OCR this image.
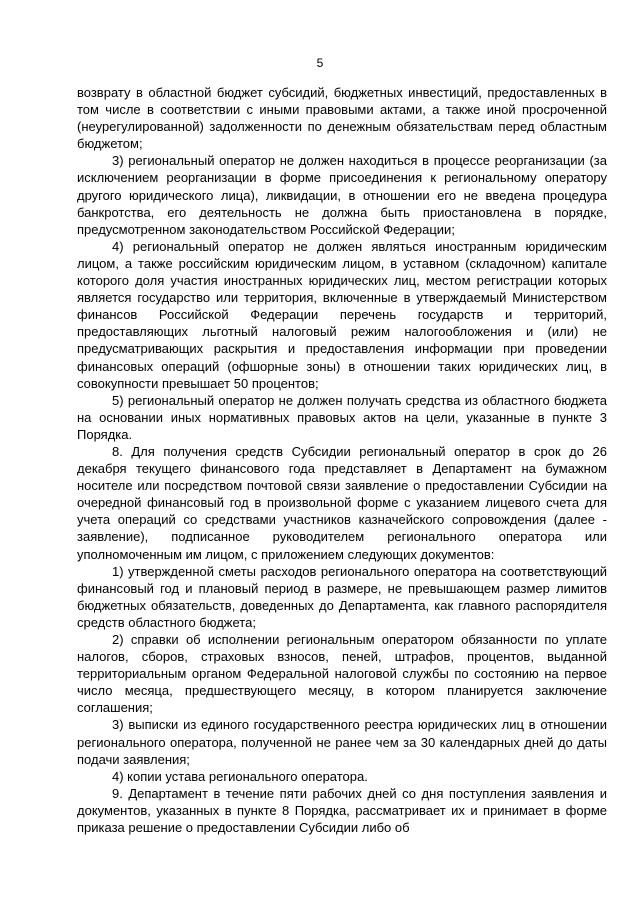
5

возврату в областной бюджет субсидий, бюджетных инвестиций, предоставленных в том числе в соответствии с иными правовыми актами, а также иной просроченной (неурегулированной) задолженности по денежным обязательствам перед областным бюджетом;

3) региональный оператор не должен находиться в процессе реорганизации (за исключением реорганизации в форме присоединения к региональному оператору другого юридического лица), ликвидации, в отношении его не введена процедура банкротства, его деятельность не должна быть приостановлена в порядке, предусмотренном законодательством Российской Федерации;

4) региональный оператор не должен являться иностранным юридическим лицом, а также российским юридическим лицом, в уставном (складочном) капитале которого доля участия иностранных юридических лиц, местом регистрации которых является государство или территория, включенные в утверждаемый Министерством финансов Российской Федерации перечень государств и территорий, предоставляющих льготный налоговый режим налогообложения и (или) не предусматривающих раскрытия и предоставления информации при проведении финансовых операций (офшорные зоны) в отношении таких юридических лиц, в совокупности превышает 50 процентов;

5) региональный оператор не должен получать средства из областного бюджета на основании иных нормативных правовых актов на цели, указанные в пункте 3 Порядка.

8. Для получения средств Субсидии региональный оператор в срок до 26 декабря текущего финансового года представляет в Департамент на бумажном носителе или посредством почтовой связи заявление о предоставлении Субсидии на очередной финансовый год в произвольной форме с указанием лицевого счета для учета операций со средствами участников казначейского сопровождения (далее - заявление), подписанное руководителем регионального оператора или уполномоченным им лицом, с приложением следующих документов:

1) утвержденной сметы расходов регионального оператора на соответствующий финансовый год и плановый период в размере, не превышающем размер лимитов бюджетных обязательств, доведенных до Департамента, как главного распорядителя средств областного бюджета;

2) справки об исполнении региональным оператором обязанности по уплате налогов, сборов, страховых взносов, пеней, штрафов, процентов, выданной территориальным органом Федеральной налоговой службы по состоянию на первое число месяца, предшествующего месяцу, в котором планируется заключение соглашения;

3) выписки из единого государственного реестра юридических лиц в отношении регионального оператора, полученной не ранее чем за 30 календарных дней до даты подачи заявления;

4) копии устава регионального оператора.

9. Департамент в течение пяти рабочих дней со дня поступления заявления и документов, указанных в пункте 8 Порядка, рассматривает их и принимает в форме приказа решение о предоставлении Субсидии либо об
